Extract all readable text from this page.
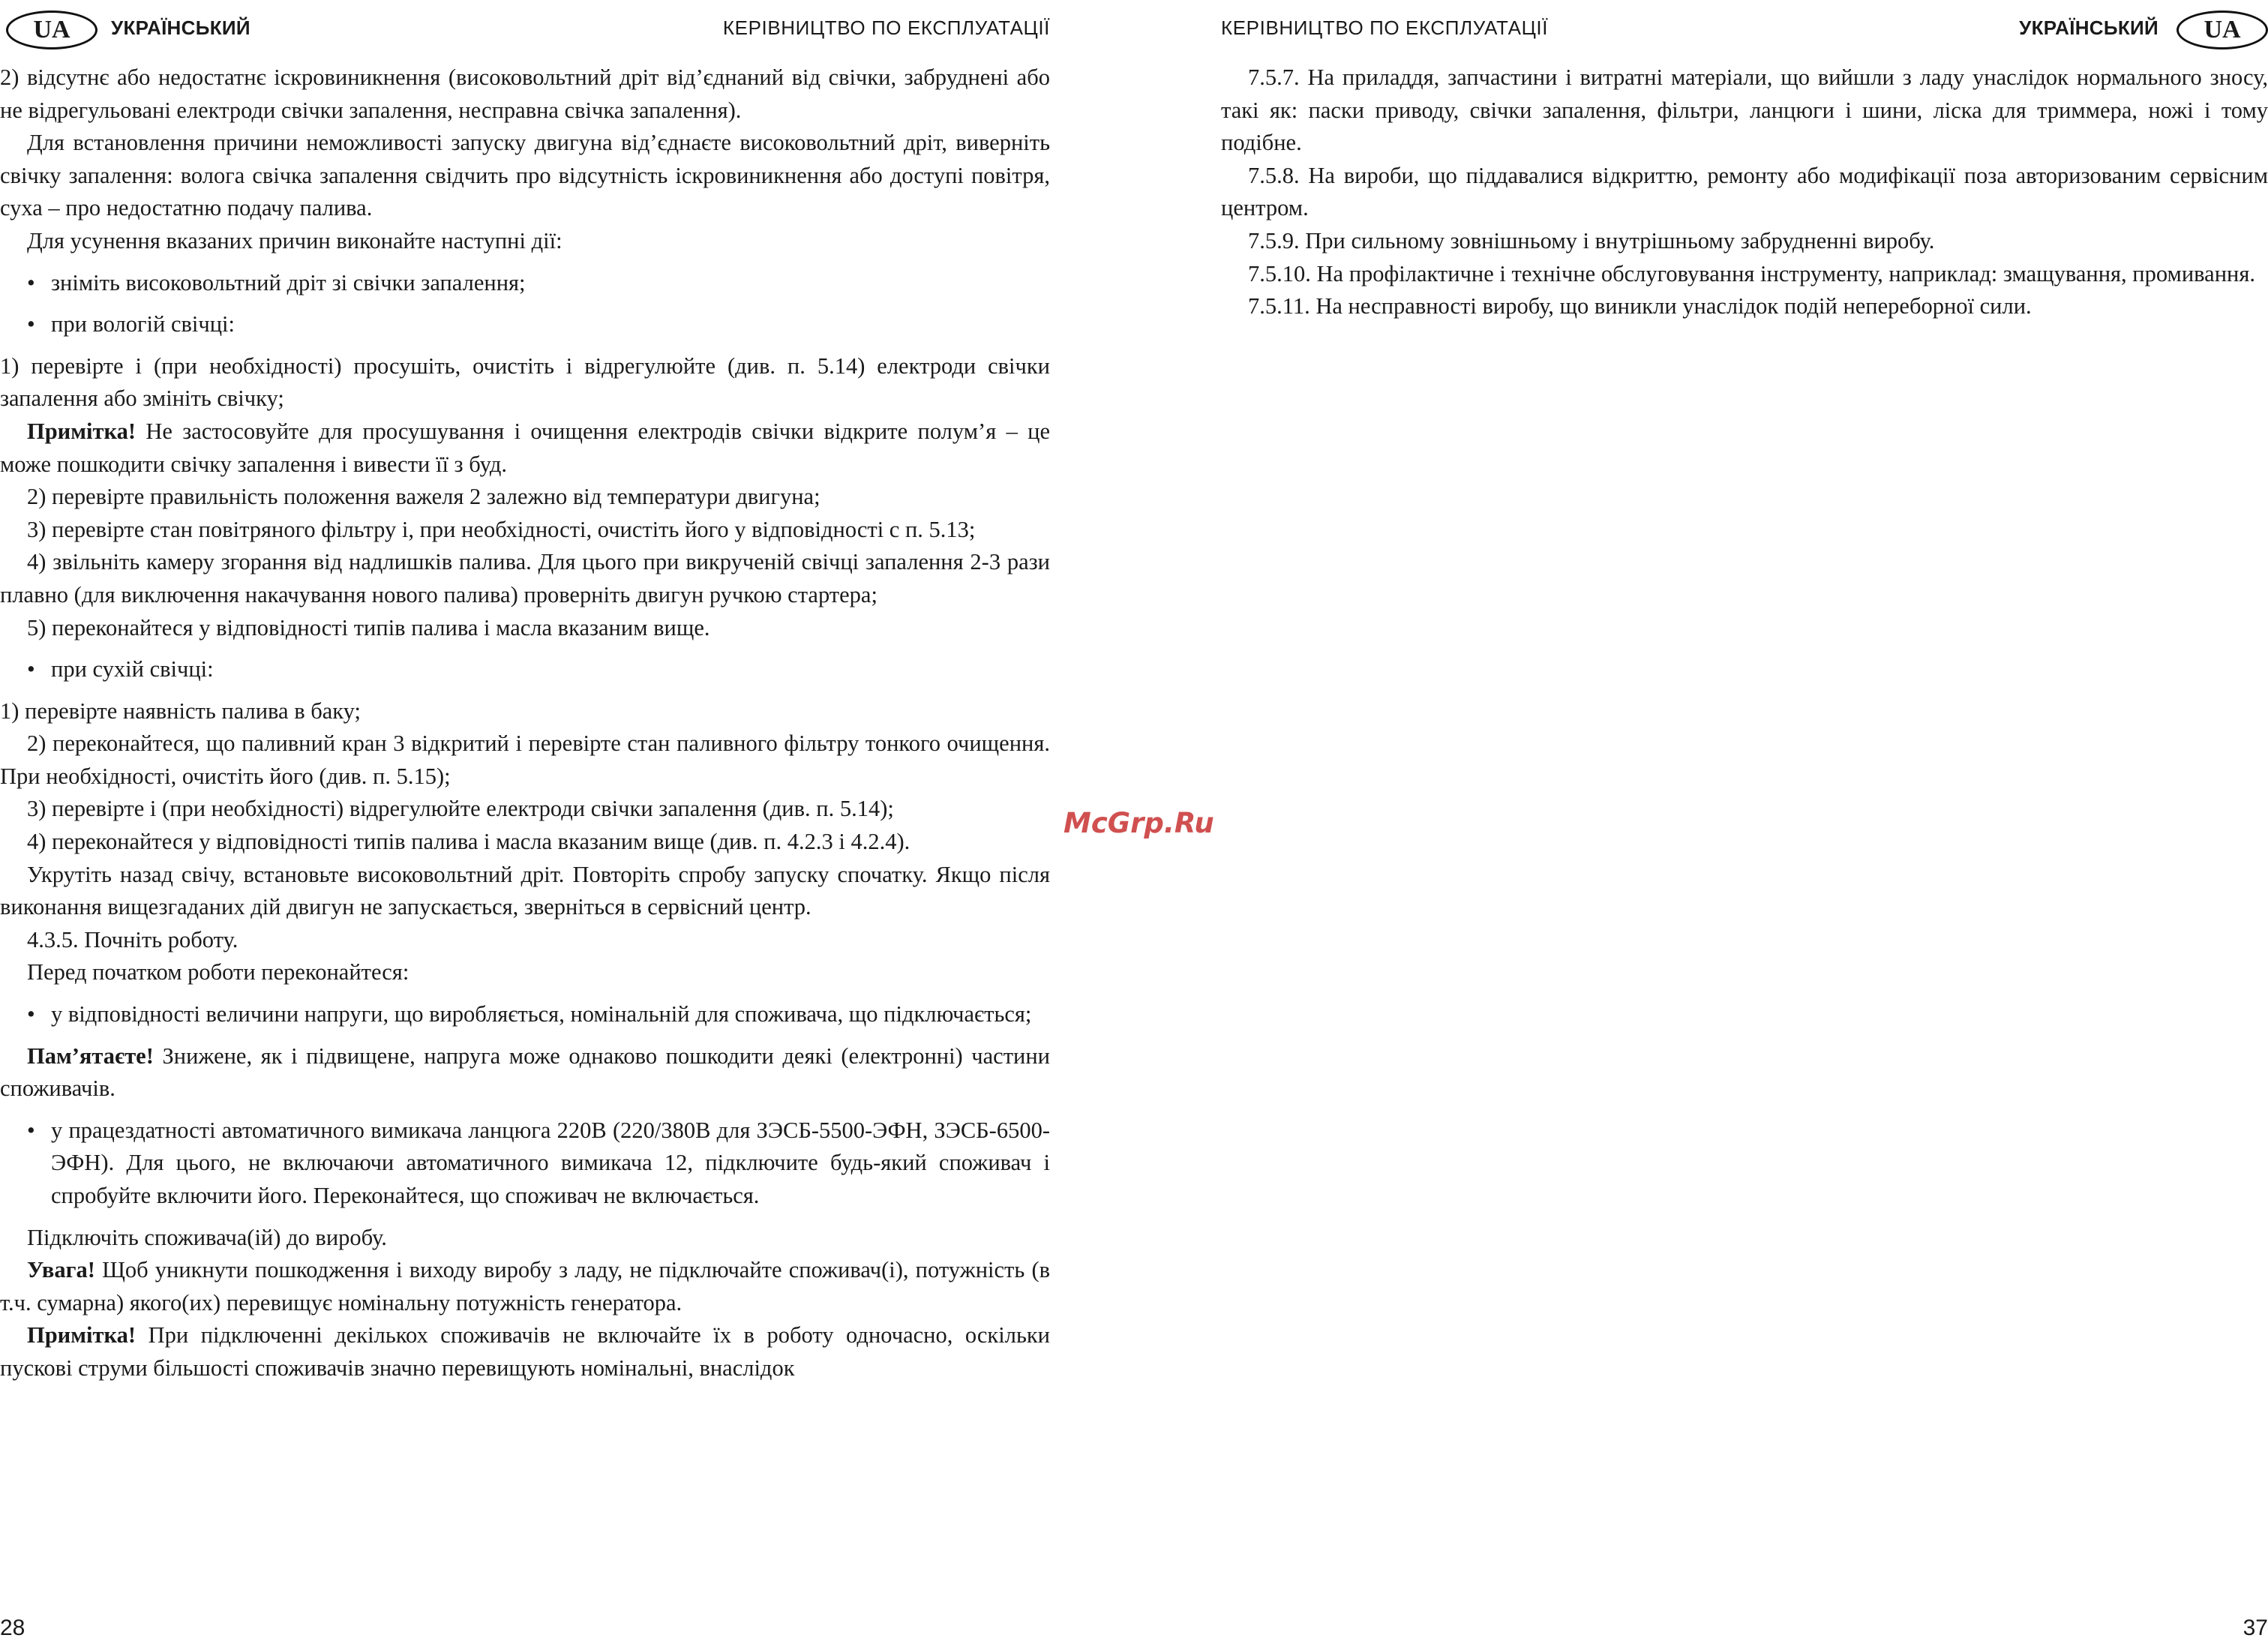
UA	УКРАЇНСЬКИЙ	КЕРІВНИЦТВО ПО ЕКСПЛУАТАЦІЇ

2) відсутнє або недостатнє іскровиникнення (високовольтний дріт від’єднаний від свічки, забруднені або не відрегульовані електроди свічки запалення, несправна свічка запалення).

Для встановлення причини неможливості запуску двигуна від’єднаєте високовольтний дріт, виверніть свічку запалення: волога свічка запалення свідчить про відсутність іскровиникнення або доступі повітря, суха – про недостатню подачу палива.

Для усунення вказаних причин виконайте наступні дії:

• зніміть високовольтний дріт зі свічки запалення;

• при вологій свічці:

1) перевірте і (при необхідності) просушіть, очистіть і відрегулюйте (див. п. 5.14) електроди свічки запалення або змініть свічку;

Примітка! Не застосовуйте для просушування і очищення електродів свічки відкрите полум’я – це може пошкодити свічку запалення і вивести її з буд.

2) перевірте правильність положення важеля 2 залежно від температури двигуна;

3) перевірте стан повітряного фільтру і, при необхідності, очистіть його у відповідності с п. 5.13;

4) звільніть камеру згорання від надлишків палива. Для цього при викрученій свічці запалення 2-3 рази плавно (для виключення накачування нового палива) проверніть двигун ручкою стартера;

5) переконайтеся у відповідності типів палива і масла вказаним вище.

• при сухій свічці:

1) перевірте наявність палива в баку;

2) переконайтеся, що паливний кран 3 відкритий і перевірте стан паливного фільтру тонкого очищення. При необхідності, очистіть його (див. п. 5.15);

3) перевірте і (при необхідності) відрегулюйте електроди свічки запалення (див. п. 5.14);

4) переконайтеся у відповідності типів палива і масла вказаним вище (див. п. 4.2.3 і 4.2.4).

Укрутіть назад свічу, встановьте високовольтний дріт. Повторіть спробу запуску спочатку. Якщо після виконання вищезгаданих дій двигун не запускається, зверніться в сервісний центр.

4.3.5. Почніть роботу.

Перед початком роботи переконайтеся:

• у відповідності величини напруги, що виробляється, номінальній для споживача, що підключається;

Пам’ятаєте! Знижене, як і підвищене, напруга може однаково пошкодити деякі (електронні) частини споживачів.

• у працездатності автоматичного вимикача ланцюга 220В (220/380В для ЗЭСБ-5500-ЭФН, ЗЭСБ-6500-ЭФН). Для цього, не включаючи автоматичного вимикача 12, підключите будь-який споживач і спробуйте включити його. Переконайтеся, що споживач не включається.

Підключіть споживача(ій) до виробу.

Увага! Щоб уникнути пошкодження і виходу виробу з ладу, не підключайте споживач(і), потужність (в т.ч. сумарна) якого(их) перевищує номінальну потужність генератора.

Примітка! При підключенні декількох споживачів не включайте їх в роботу одночасно, оскільки пускові струми більшості споживачів значно перевищують номінальні, внаслідок

28
McGrp.Ru
КЕРІВНИЦТВО ПО ЕКСПЛУАТАЦІЇ	УКРАЇНСЬКИЙ	UA

7.5.7. На приладдя, запчастини і витратні матеріали, що вийшли з ладу унаслідок нормального зносу, такі як: паски приводу, свічки запалення, фільтри, ланцюги і шини, ліска для триммера, ножі і тому подібне.

7.5.8. На вироби, що піддавалися відкриттю, ремонту або модифікації поза авторизованим сервісним центром.

7.5.9. При сильному зовнішньому і внутрішньому забрудненні виробу.

7.5.10. На профілактичне і технічне обслуговування інструменту, наприклад: змащування, промивання.

7.5.11. На несправності виробу, що виникли унаслідок подій непереборної сили.

37
